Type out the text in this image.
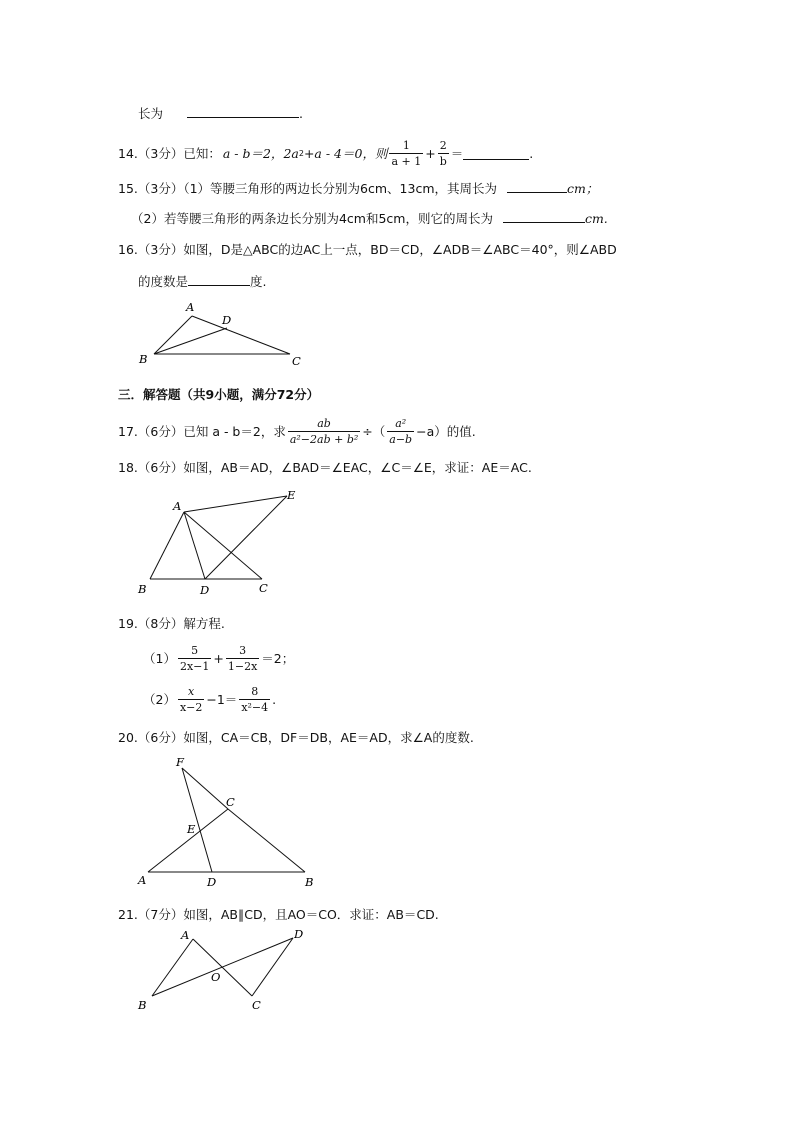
长为	.
14. （3分） 已知： a - b＝2， 2a 2 +a - 4＝0，则 $\frac{1}{a + 1} + \frac{2}{b}$ ＝	.
15.（3分）（1）等腰三角形的两边长分别为6cm、13cm，其周长为	cm；
（2）若等腰三角形的两条边长分别为4cm和5cm，则它的周长为	cm.
16.（3分）如图，D是△ABC的边AC上一点，BD＝CD，∠ADB＝∠ABC＝40°，则∠ABD
的度数是	度.
A
B	C
D
三．解答题（共9小题，满分72分）
17. （6分） 已知 a - b＝2，求 $\frac{ab}{\text{a²−2ab + b²}}$ ÷（ $\frac{\text{a²}}{a-b} -a$）的值.
18.（6分）如图，AB＝AD，∠BAD＝∠EAC，∠C＝∠E，求证：AE＝AC.
A
B	C
D
E
19.（8分）解方程.
$(1) \frac{5}{2x-1} + \frac{3}{1-2x} =2$；
$(2) \frac{x}{x-2} -1= \frac{8}{\text{x²−4}}$ .
20.（6分）如图，CA＝CB，DF＝DB，AE＝AD，求∠A的度数.
F
C
E
A	D	B
21.（7分）如图，AB∥CD，且AO＝CO．求证：AB＝CD.
A
B
O
C
D
